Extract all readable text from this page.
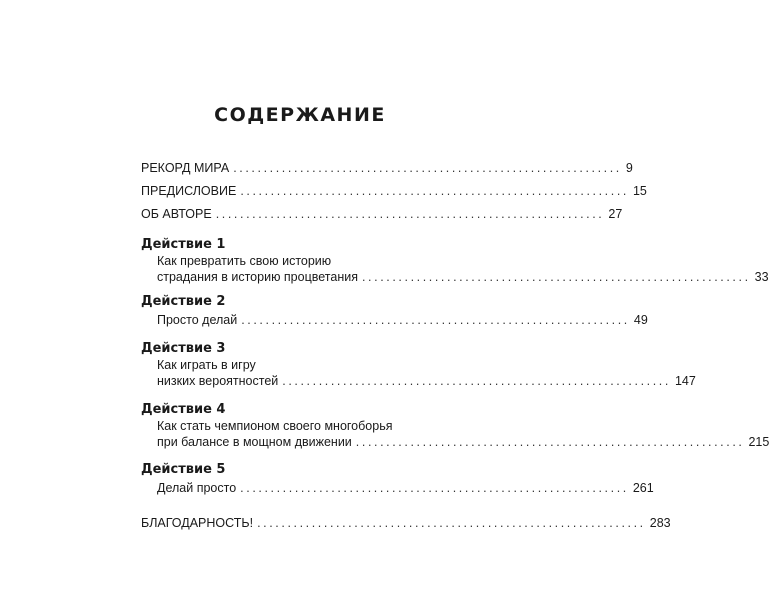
СОДЕРЖАНИЕ
РЕКОРД МИРА ................................................................ 9
ПРЕДИСЛОВИЕ ................................................................ 15
ОБ АВТОРЕ ................................................................ 27
Действие 1
Как превратить свою историю
страдания в историю процветания ................................................................ 33
Действие 2
Просто делай ................................................................ 49
Действие 3
Как играть в игру
низких вероятностей ................................................................ 147
Действие 4
Как стать чемпионом своего многоборья
при балансе в мощном движении ................................................................ 215
Действие 5
Делай просто ................................................................ 261
БЛАГОДАРНОСТЬ! ................................................................ 283
